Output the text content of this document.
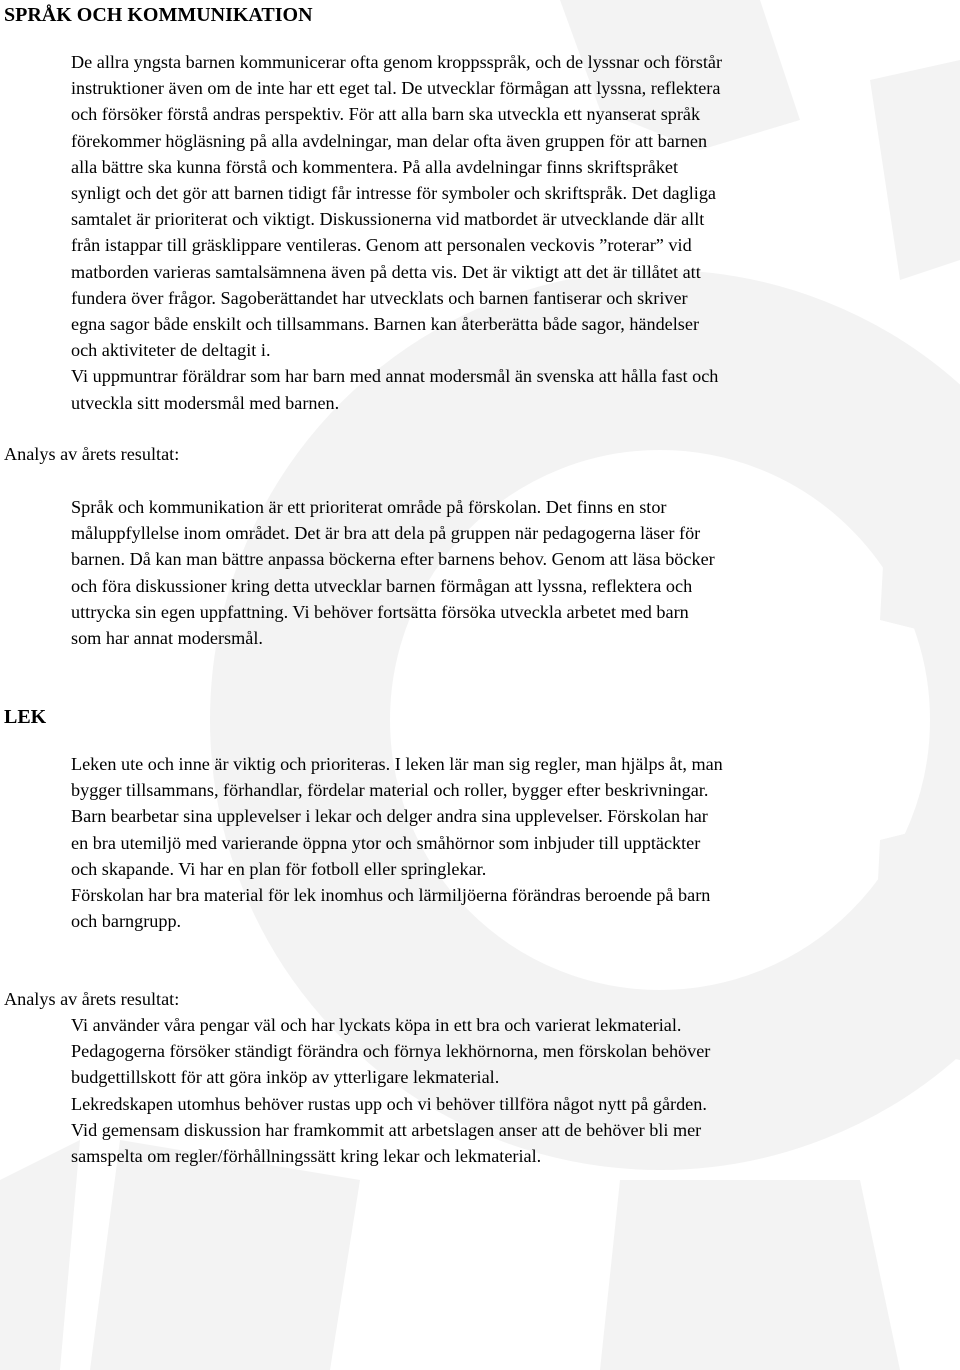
SPRÅK OCH KOMMUNIKATION
De allra yngsta barnen kommunicerar ofta genom kroppsspråk, och de lyssnar och förstår
instruktioner även om de inte har ett eget tal. De utvecklar förmågan att lyssna, reflektera
och försöker förstå andras perspektiv. För att alla barn ska utveckla ett nyanserat språk
förekommer högläsning på alla avdelningar, man delar ofta även gruppen för att barnen
alla bättre ska kunna förstå och kommentera. På alla avdelningar finns skriftspråket
synligt och det gör att barnen tidigt får intresse för symboler och skriftspråk. Det dagliga
samtalet är prioriterat och viktigt. Diskussionerna vid matbordet är utvecklande där allt
från istappar till gräsklippare ventileras. Genom att personalen veckovis ”roterar” vid
matborden varieras samtalsämnena även på detta vis. Det är viktigt att det är tillåtet att
fundera över frågor. Sagoberättandet har utvecklats och barnen fantiserar och skriver
egna sagor både enskilt och tillsammans. Barnen kan återberätta både sagor, händelser
och aktiviteter de deltagit i.
Vi uppmuntrar föräldrar som har barn med annat modersmål än svenska att hålla fast och
utveckla sitt modersmål med barnen.
Analys av årets resultat:
Språk och kommunikation är ett prioriterat område på förskolan. Det finns en stor
måluppfyllelse inom området. Det är bra att dela på gruppen när pedagogerna läser för
barnen. Då kan man bättre anpassa böckerna efter barnens behov. Genom att läsa böcker
och föra diskussioner kring detta utvecklar barnen förmågan att lyssna, reflektera och
uttrycka sin egen uppfattning. Vi behöver fortsätta försöka utveckla arbetet med barn
som har annat modersmål.
LEK
Leken ute och inne är viktig och prioriteras. I leken lär man sig regler, man hjälps åt, man
bygger tillsammans, förhandlar, fördelar material och roller, bygger efter beskrivningar.
Barn bearbetar sina upplevelser i lekar och delger andra sina upplevelser. Förskolan har
en bra utemiljö med varierande öppna ytor och småhörnor som inbjuder till upptäckter
och skapande. Vi har en plan för fotboll eller springlekar.
Förskolan har bra material för lek inomhus och lärmiljöerna förändras beroende på barn
och barngrupp.
Analys av årets resultat:
Vi använder våra pengar väl och har lyckats köpa in ett bra och varierat lekmaterial.
Pedagogerna försöker ständigt förändra och förnya lekhörnorna, men förskolan behöver
budgettillskott för att göra inköp av ytterligare lekmaterial.
Lekredskapen utomhus behöver rustas upp och vi behöver tillföra något nytt på gården.
Vid gemensam diskussion har framkommit att arbetslagen anser att de behöver bli mer
samspelta om regler/förhållningssätt kring lekar och lekmaterial.
